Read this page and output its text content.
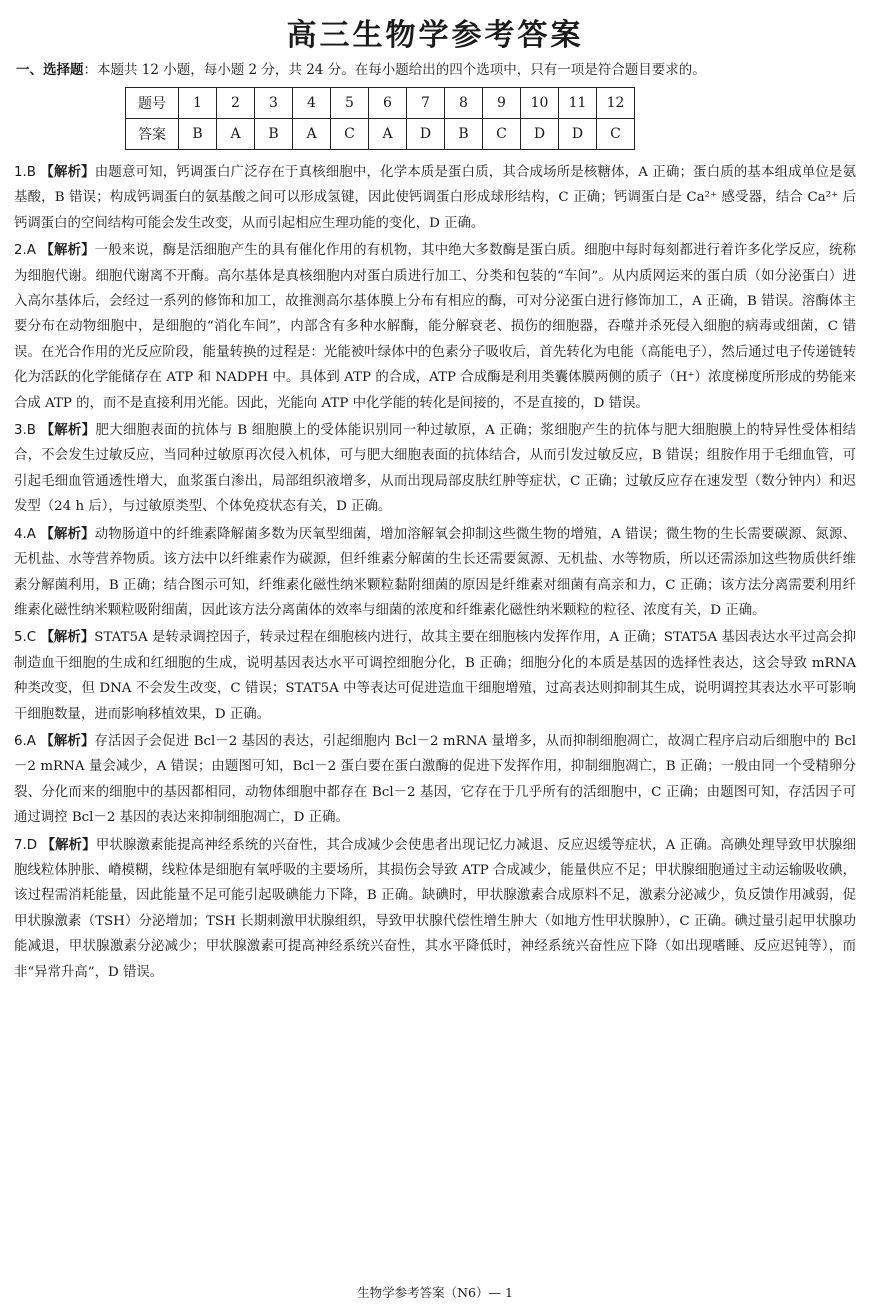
高三生物学参考答案
一、选择题：本题共 12 小题，每小题 2 分，共 24 分。在每小题给出的四个选项中，只有一项是符合题目要求的。
题号	1	2	3	4	5	6	7	8	9	10	11	12
答案	B	A	B	A	C	A	D	B	C	D	D	C
1.B 【解析】由题意可知，钙调蛋白广泛存在于真核细胞中，化学本质是蛋白质，其合成场所是核糖体，A 正确；蛋白质的基本组成单位是氨基酸，B 错误；构成钙调蛋白的氨基酸之间可以形成氢键，因此使钙调蛋白形成球形结构，C 正确；钙调蛋白是 Ca²⁺ 感受器，结合 Ca²⁺ 后钙调蛋白的空间结构可能会发生改变，从而引起相应生理功能的变化，D 正确。
2.A 【解析】一般来说，酶是活细胞产生的具有催化作用的有机物，其中绝大多数酶是蛋白质。细胞中每时每刻都进行着许多化学反应，统称为细胞代谢。细胞代谢离不开酶。高尔基体是真核细胞内对蛋白质进行加工、分类和包装的“车间”。从内质网运来的蛋白质（如分泌蛋白）进入高尔基体后，会经过一系列的修饰和加工，故推测高尔基体膜上分布有相应的酶，可对分泌蛋白进行修饰加工，A 正确，B 错误。溶酶体主要分布在动物细胞中，是细胞的“消化车间”，内部含有多种水解酶，能分解衰老、损伤的细胞器，吞噬并杀死侵入细胞的病毒或细菌，C 错误。在光合作用的光反应阶段，能量转换的过程是：光能被叶绿体中的色素分子吸收后，首先转化为电能（高能电子），然后通过电子传递链转化为活跃的化学能储存在 ATP 和 NADPH 中。具体到 ATP 的合成，ATP 合成酶是利用类囊体膜两侧的质子（H⁺）浓度梯度所形成的势能来合成 ATP 的，而不是直接利用光能。因此，光能向 ATP 中化学能的转化是间接的，不是直接的，D 错误。
3.B 【解析】肥大细胞表面的抗体与 B 细胞膜上的受体能识别同一种过敏原，A 正确；浆细胞产生的抗体与肥大细胞膜上的特异性受体相结合，不会发生过敏反应，当同种过敏原再次侵入机体，可与肥大细胞表面的抗体结合，从而引发过敏反应，B 错误；组胺作用于毛细血管，可引起毛细血管通透性增大，血浆蛋白渗出，局部组织液增多，从而出现局部皮肤红肿等症状，C 正确；过敏反应存在速发型（数分钟内）和迟发型（24 h 后），与过敏原类型、个体免疫状态有关，D 正确。
4.A 【解析】动物肠道中的纤维素降解菌多数为厌氧型细菌，增加溶解氧会抑制这些微生物的增殖，A 错误；微生物的生长需要碳源、氮源、无机盐、水等营养物质。该方法中以纤维素作为碳源，但纤维素分解菌的生长还需要氮源、无机盐、水等物质，所以还需添加这些物质供纤维素分解菌利用，B 正确；结合图示可知，纤维素化磁性纳米颗粒黏附细菌的原因是纤维素对细菌有高亲和力，C 正确；该方法分离需要利用纤维素化磁性纳米颗粒吸附细菌，因此该方法分离菌体的效率与细菌的浓度和纤维素化磁性纳米颗粒的粒径、浓度有关，D 正确。
5.C 【解析】STAT5A 是转录调控因子，转录过程在细胞核内进行，故其主要在细胞核内发挥作用，A 正确；STAT5A 基因表达水平过高会抑制造血干细胞的生成和红细胞的生成，说明基因表达水平可调控细胞分化，B 正确；细胞分化的本质是基因的选择性表达，这会导致 mRNA 种类改变，但 DNA 不会发生改变，C 错误；STAT5A 中等表达可促进造血干细胞增殖，过高表达则抑制其生成，说明调控其表达水平可影响干细胞数量，进而影响移植效果，D 正确。
6.A 【解析】存活因子会促进 Bcl－2 基因的表达，引起细胞内 Bcl－2 mRNA 量增多，从而抑制细胞凋亡，故凋亡程序启动后细胞中的 Bcl－2 mRNA 量会减少，A 错误；由题图可知，Bcl－2 蛋白要在蛋白激酶的促进下发挥作用，抑制细胞凋亡，B 正确；一般由同一个受精卵分裂、分化而来的细胞中的基因都相同，动物体细胞中都存在 Bcl－2 基因，它存在于几乎所有的活细胞中，C 正确；由题图可知，存活因子可通过调控 Bcl－2 基因的表达来抑制细胞凋亡，D 正确。
7.D 【解析】甲状腺激素能提高神经系统的兴奋性，其合成减少会使患者出现记忆力减退、反应迟缓等症状，A 正确。高碘处理导致甲状腺细胞线粒体肿胀、嵴模糊，线粒体是细胞有氧呼吸的主要场所，其损伤会导致 ATP 合成减少，能量供应不足；甲状腺细胞通过主动运输吸收碘，该过程需消耗能量，因此能量不足可能引起吸碘能力下降，B 正确。缺碘时，甲状腺激素合成原料不足，激素分泌减少，负反馈作用减弱，促甲状腺激素（TSH）分泌增加；TSH 长期刺激甲状腺组织，导致甲状腺代偿性增生肿大（如地方性甲状腺肿），C 正确。碘过量引起甲状腺功能减退，甲状腺激素分泌减少；甲状腺激素可提高神经系统兴奋性，其水平降低时，神经系统兴奋性应下降（如出现嗜睡、反应迟钝等），而非“异常升高”，D 错误。
生物学参考答案（N6）— 1
